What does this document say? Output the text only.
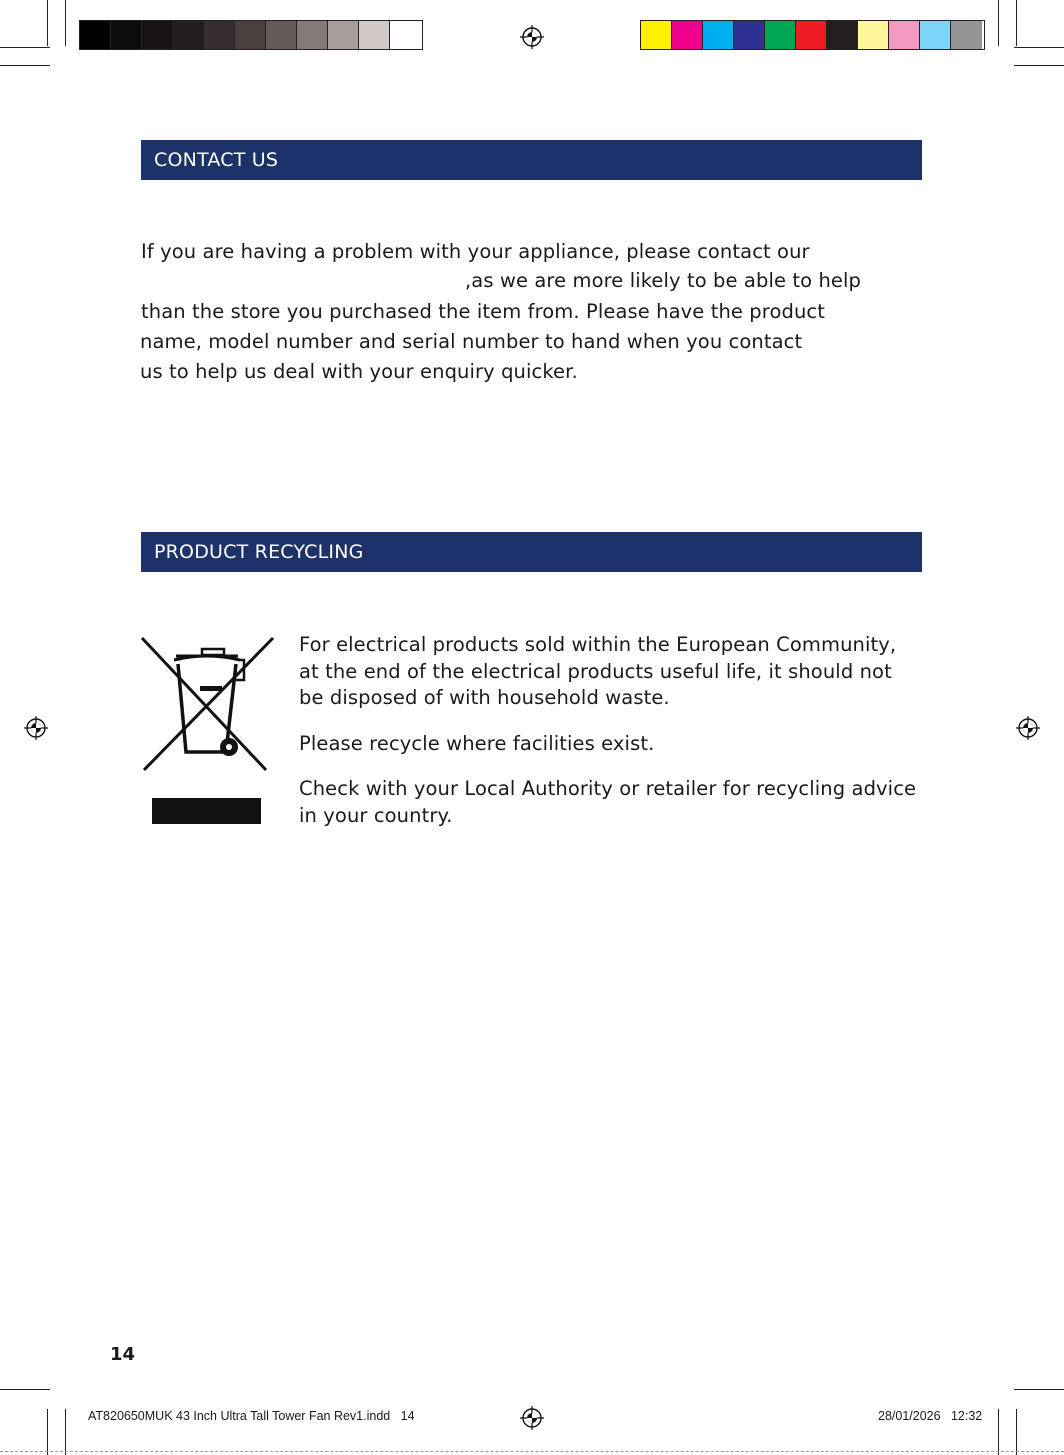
CONTACT US
If you are having a problem with your appliance, please contact our
,as we are more likely to be able to help
than the store you purchased the item from. Please have the product
name, model number and serial number to hand when you contact
us to help us deal with your enquiry quicker.
PRODUCT RECYCLING

For electrical products sold within the European Community, at the end of the electrical products useful life, it should not be disposed of with household waste.

Please recycle where facilities exist.

Check with your Local Authority or retailer for recycling advice in your country.

14
AT820650MUK 43 Inch Ultra Tall Tower Fan Rev1.indd   14	28/01/2026   12:32
